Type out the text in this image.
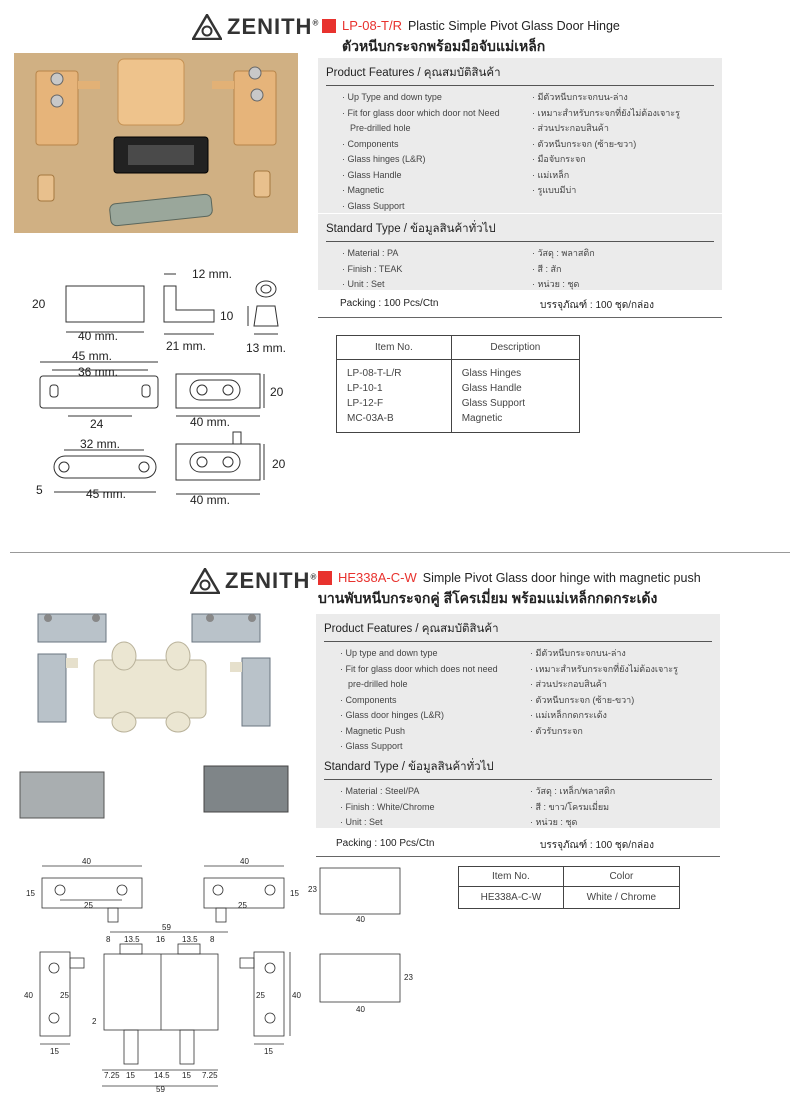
ZENITH® LP-08-T/R Plastic Simple Pivot Glass Door Hinge
ตัวหนีบกระจกพร้อมมือจับแม่เหล็ก
Product Features / คุณสมบัติสินค้า
· Up Type and down type
· Fit for glass door which door not Need
Pre-drilled hole
· Components
· Glass hinges (L&R)
· Glass Handle
· Magnetic
· Glass Support
· มีตัวหนีบกระจกบน-ล่าง
· เหมาะสำหรับกระจกที่ยังไม่ต้องเจาะรู
· ส่วนประกอบสินค้า
· ตัวหนีบกระจก (ซ้าย-ขวา)
· มือจับกระจก
· แม่เหล็ก
· รูแบบมีบ่า
Standard Type / ข้อมูลสินค้าทั่วไป
· Material : PA
· Finish : TEAK
· Unit : Set
· วัสดุ : พลาสติก
· สี : สัก
· หน่วย : ชุด
Packing : 100 Pcs/Ctn	บรรจุภัณฑ์ : 100 ชุด/กล่อง
Item No.	Description
LP-08-T-L/R	Glass Hinges
LP-10-1	Glass Handle
LP-12-F	Glass Support
MC-03A-B	Magnetic
20
40 mm.
12 mm.
21 mm.
10
13 mm.
45 mm.
36 mm.
24
20
40 mm.
32 mm.
5	45 mm.
20
40 mm.
ZENITH® HE338A-C-W Simple Pivot Glass door hinge with magnetic push
บานพับหนีบกระจกคู่ สีโครเมี่ยม พร้อมแม่เหล็กกดกระเด้ง
Product Features / คุณสมบัติสินค้า
· Up type and down type
· Fit for glass door which does not need
pre-drilled hole
· Components
· Glass door hinges (L&R)
· Magnetic Push
· Glass Support
· มีตัวหนีบกระจกบน-ล่าง
· เหมาะสำหรับกระจกที่ยังไม่ต้องเจาะรู
· ส่วนประกอบสินค้า
· ตัวหนีบกระจก (ซ้าย-ขวา)
· แม่เหล็กกดกระเด้ง
· ตัวรับกระจก
Standard Type / ข้อมูลสินค้าทั่วไป
· Material : Steel/PA
· Finish : White/Chrome
· Unit : Set
· วัสดุ : เหล็ก/พลาสติก
· สี : ขาว/โครมเมี่ยม
· หน่วย : ชุด
Packing : 100 Pcs/Ctn	บรรจุภัณฑ์ : 100 ชุด/กล่อง
Item No.	Color
HE338A-C-W	White / Chrome
40
15
25
40
15
25
23
40
59
8 13.5 16 13.5 8
40	25
15
40
25
15
2
7.25 15 14.5 15 7.25
59
23
40
